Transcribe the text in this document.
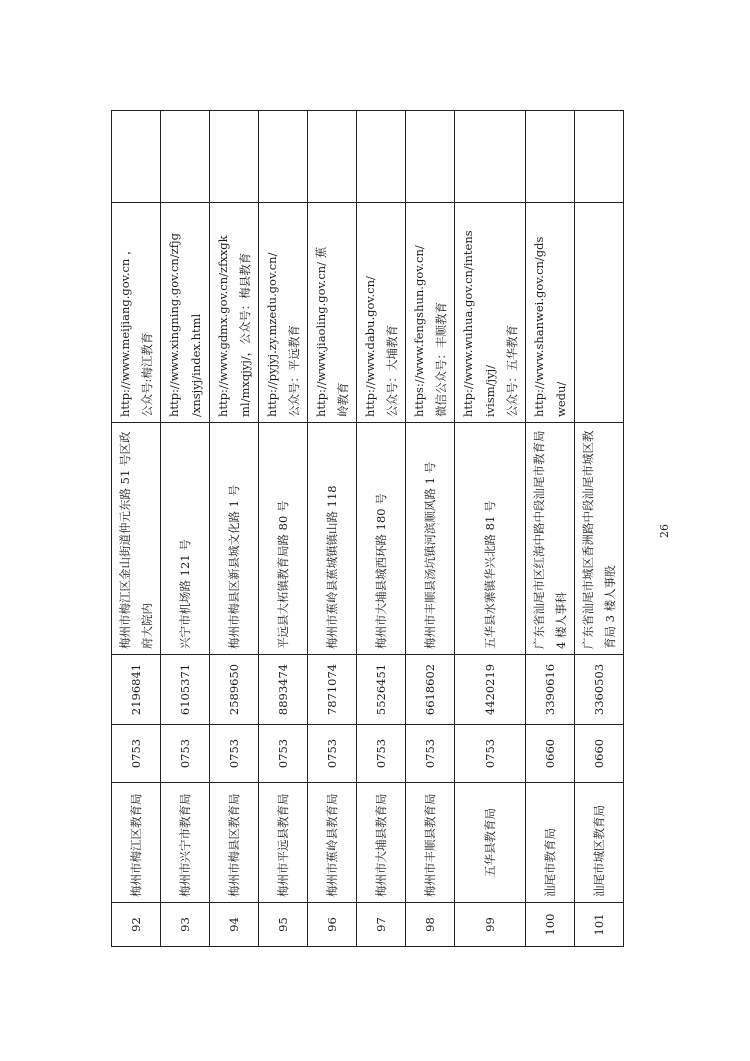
92	梅州市梅江区教育局	0753	2196841	梅州市梅江区金山街道仲元东路 51 号区政府大院内	http://www.meijiang.gov.cn ， 公众号:梅江教育	

93	梅州市兴宁市教育局	0753	6105371	兴宁市机场路 121 号	http://www.xingning.gov.cn/zfjg /xnsjyj/index.html	

94	梅州市梅县区教育局	0753	2589650	梅州市梅县区新县城文化路 1 号	http://www.gdmx.gov.cn/zfxxgk ml/mxqjyj/，公众号：梅县教育	

95	梅州市平远县教育局	0753	8893474	平远县大柘镇教育局路 80 号	http://pyjyj.zy.mzedu.gov.cn/ 公众号：平远教育	

96	梅州市蕉岭县教育局	0753	7871074	梅州市蕉岭县蕉城镇镇山路 118	http://www.jiaoling.gov.cn/ 蕉 岭教育	

97	梅州市大埔县教育局	0753	5526451	梅州市大埔县城西环路 180 号	http://www.dabu.gov.cn/ 公众号：大埔教育	

98	梅州市丰顺县教育局	0753	6618602	梅州市丰顺县汤坑镇河滨顺风路 1 号	https://www.fengshun.gov.cn/ 微信公众号：丰顺教育	

99	五华县教育局	0753	4420219	五华县水寨镇华兴北路 81 号	http://www.wuhua.gov.cn/intens ivism/jyj/ 公众号：五华教育	

100	汕尾市教育局	0660	3390616	广东省汕尾市区红海中路中段汕尾市教育局 4 楼人事科	http://www.shanwei.gov.cn/gds wedu/	

101	汕尾市城区教育局	0660	3360503	广东省汕尾市城区香洲路中段汕尾市城区教育局 3 楼人事股		
26
